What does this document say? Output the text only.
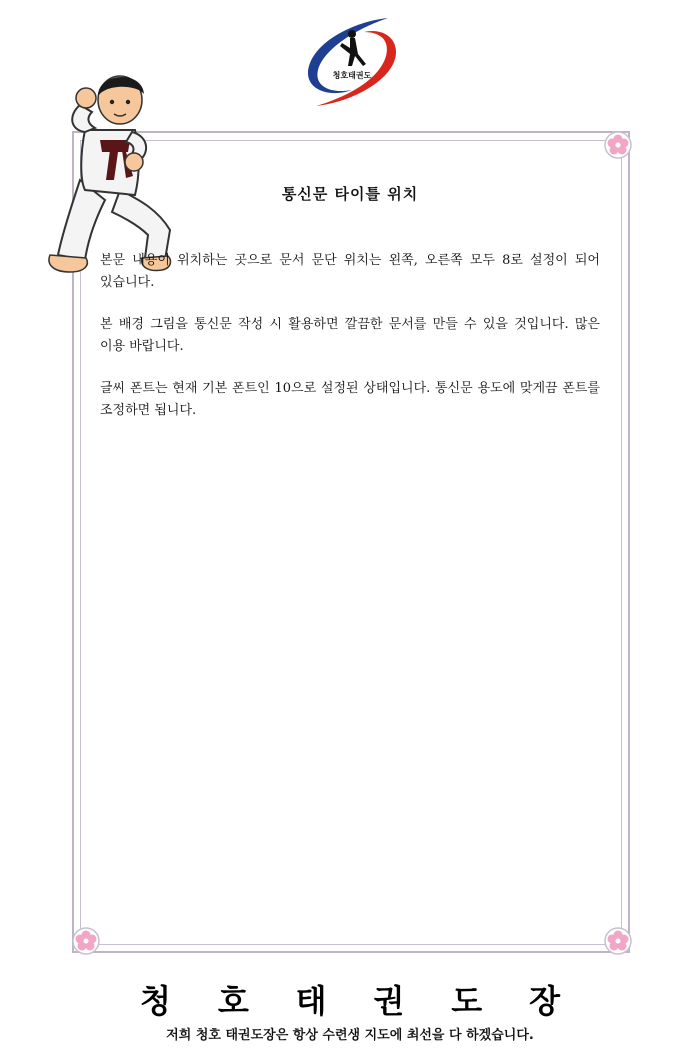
청호태권도
통신문 타이틀 위치

본문 내용이 위치하는 곳으로 문서 문단 위치는 왼쪽, 오른쪽 모두 8로 설정이 되어 있습니다.

본 배경 그림을 통신문 작성 시 활용하면 깔끔한 문서를 만들 수 있을 것입니다. 많은 이용 바랍니다.

글씨 폰트는 현재 기본 폰트인 10으로 설정된 상태입니다. 통신문 용도에 맞게끔 폰트를 조정하면 됩니다.

청 호 태 권 도 장
저희 청호 태권도장은 항상 수련생 지도에 최선을 다 하겠습니다.
